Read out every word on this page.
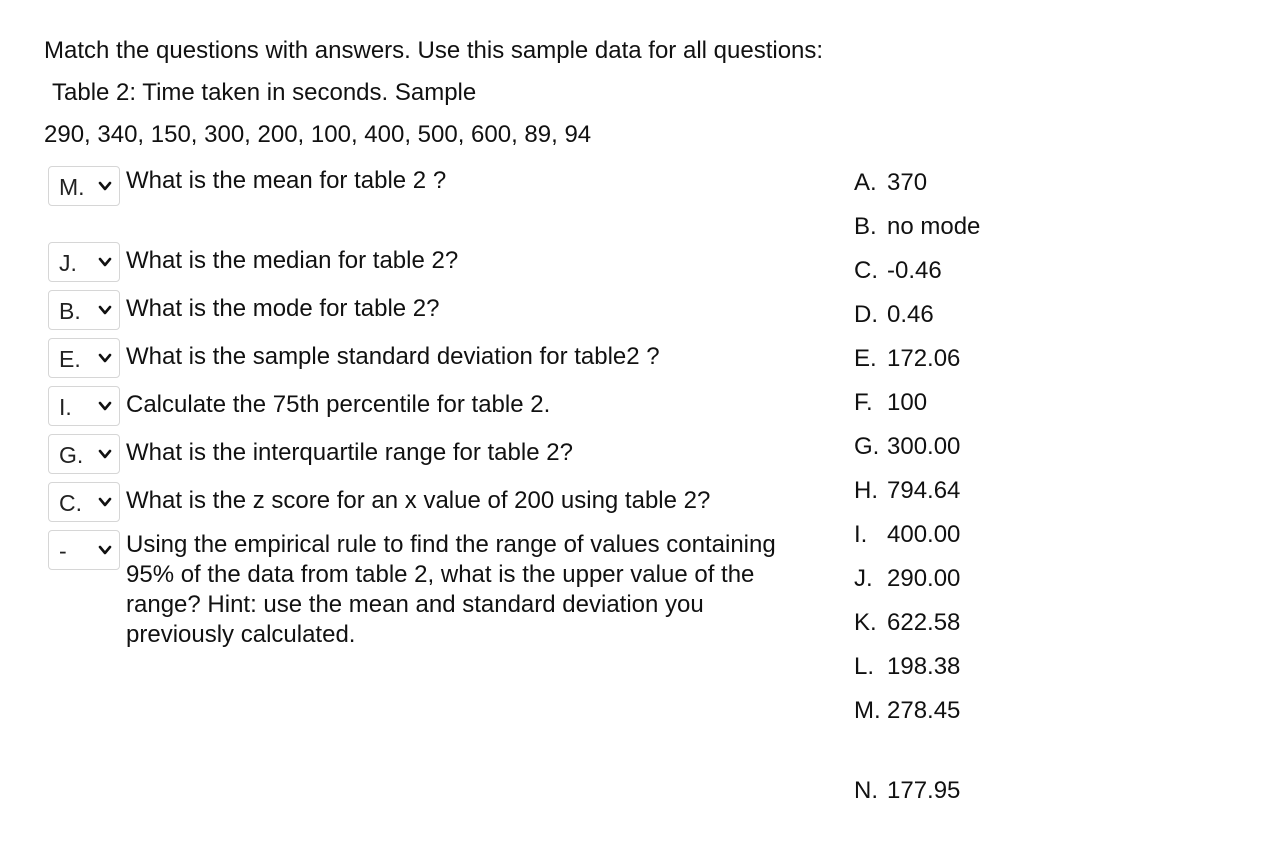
Match the questions with answers. Use this sample data for all questions:
Table 2: Time taken in seconds. Sample
290, 340, 150, 300, 200, 100, 400, 500, 600, 89, 94
M. What is the mean for table 2 ?
J. What is the median for table 2?
B. What is the mode for table 2?
E. What is the sample standard deviation for table2 ?
I. Calculate the 75th percentile for table 2.
G. What is the interquartile range for table 2?
C. What is the z score for an x value of 200 using table 2?
- Using the empirical rule to find the range of values containing 95% of the data from table 2, what is the upper value of the range? Hint: use the mean and standard deviation you previously calculated.
A. 370
B. no mode
C. -0.46
D. 0.46
E. 172.06
F. 100
G. 300.00
H. 794.64
I. 400.00
J. 290.00
K. 622.58
L. 198.38
M. 278.45
N. 177.95
